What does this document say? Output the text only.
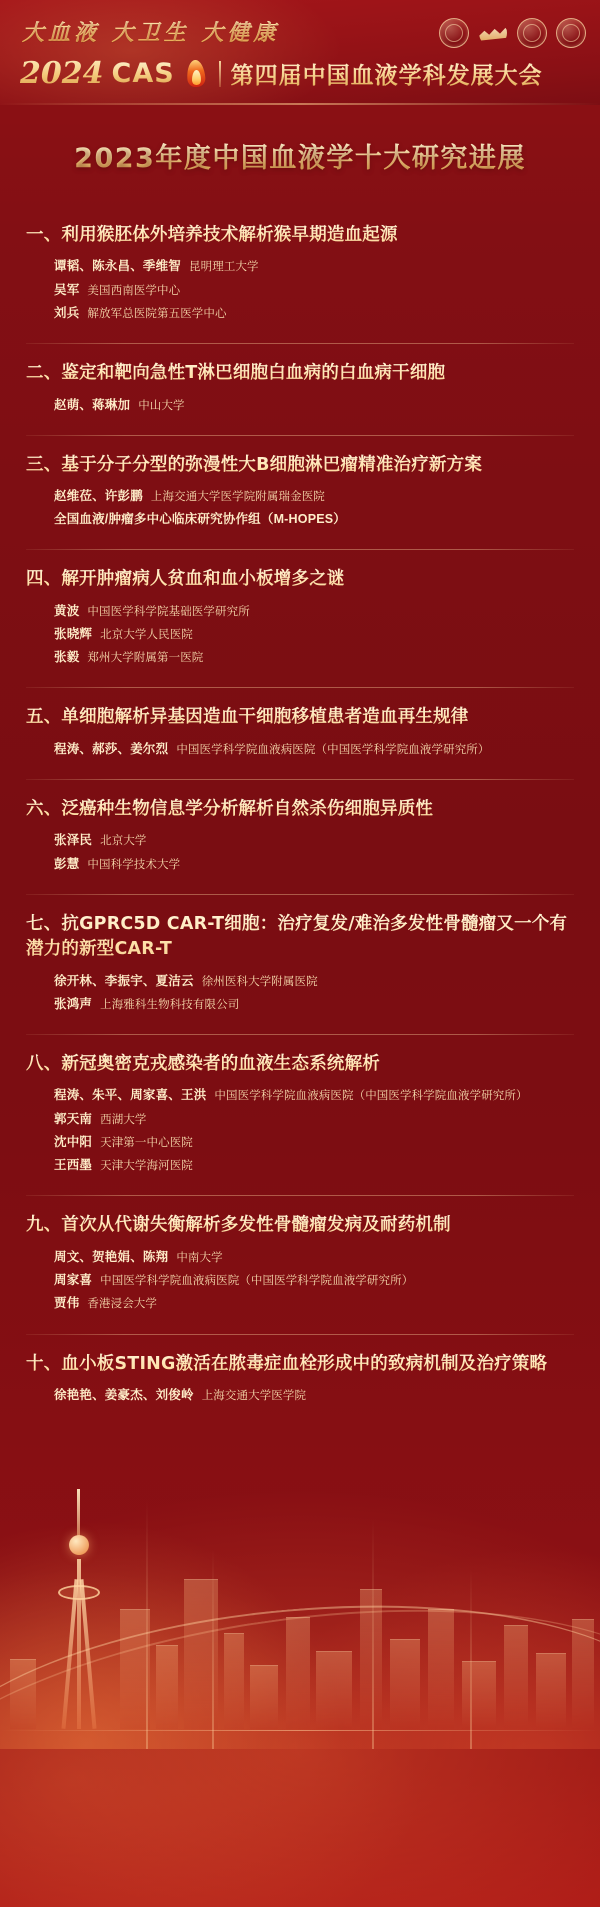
大血液 大卫生 大健康
2024 CAS 第四届中国血液学科发展大会
2023年度中国血液学十大研究进展
一、利用猴胚体外培养技术解析猴早期造血起源
谭韬、陈永昌、季维智 昆明理工大学
吴军 美国西南医学中心
刘兵 解放军总医院第五医学中心
二、鉴定和靶向急性T淋巴细胞白血病的白血病干细胞
赵萌、蒋琳加 中山大学
三、基于分子分型的弥漫性大B细胞淋巴瘤精准治疗新方案
赵维莅、许彭鹏 上海交通大学医学院附属瑞金医院
全国血液/肿瘤多中心临床研究协作组（M-HOPES）
四、解开肿瘤病人贫血和血小板增多之谜
黄波 中国医学科学院基础医学研究所
张晓辉 北京大学人民医院
张毅 郑州大学附属第一医院
五、单细胞解析异基因造血干细胞移植患者造血再生规律
程涛、郝莎、姜尔烈 中国医学科学院血液病医院（中国医学科学院血液学研究所）
六、泛癌种生物信息学分析解析自然杀伤细胞异质性
张泽民 北京大学
彭慧 中国科学技术大学
七、抗GPRC5D CAR-T细胞：治疗复发/难治多发性骨髓瘤又一个有潜力的新型CAR-T
徐开林、李振宇、夏洁云 徐州医科大学附属医院
张鸿声 上海雅科生物科技有限公司
八、新冠奥密克戎感染者的血液生态系统解析
程涛、朱平、周家喜、王洪 中国医学科学院血液病医院（中国医学科学院血液学研究所）
郭天南 西湖大学
沈中阳 天津第一中心医院
王西墨 天津大学海河医院
九、首次从代谢失衡解析多发性骨髓瘤发病及耐药机制
周文、贺艳娟、陈翔 中南大学
周家喜 中国医学科学院血液病医院（中国医学科学院血液学研究所）
贾伟 香港浸会大学
十、血小板STING激活在脓毒症血栓形成中的致病机制及治疗策略
徐艳艳、姜豪杰、刘俊岭 上海交通大学医学院
